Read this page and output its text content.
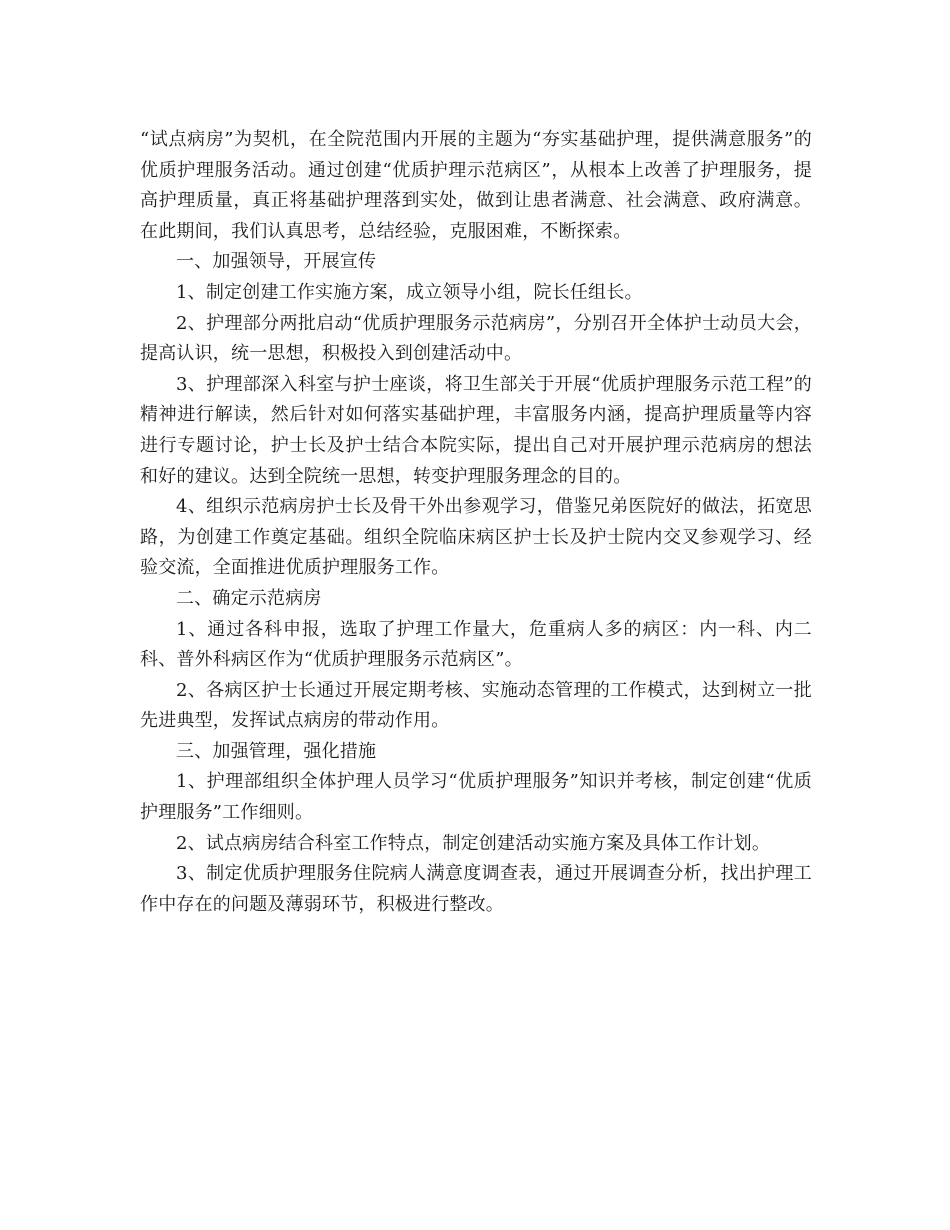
“试点病房”为契机，在全院范围内开展的主题为“夯实基础护理，提供满意服务”的优质护理服务活动。通过创建“优质护理示范病区”，从根本上改善了护理服务，提高护理质量，真正将基础护理落到实处，做到让患者满意、社会满意、政府满意。在此期间，我们认真思考，总结经验，克服困难，不断探索。

一、加强领导，开展宣传

1、制定创建工作实施方案，成立领导小组，院长任组长。

2、护理部分两批启动“优质护理服务示范病房”，分别召开全体护士动员大会，提高认识，统一思想，积极投入到创建活动中。

3、护理部深入科室与护士座谈，将卫生部关于开展“优质护理服务示范工程”的精神进行解读，然后针对如何落实基础护理，丰富服务内涵，提高护理质量等内容进行专题讨论，护士长及护士结合本院实际，提出自己对开展护理示范病房的想法和好的建议。达到全院统一思想，转变护理服务理念的目的。

4、组织示范病房护士长及骨干外出参观学习，借鉴兄弟医院好的做法，拓宽思路，为创建工作奠定基础。组织全院临床病区护士长及护士院内交叉参观学习、经验交流，全面推进优质护理服务工作。

二、确定示范病房

1、通过各科申报，选取了护理工作量大，危重病人多的病区：内一科、内二科、普外科病区作为“优质护理服务示范病区”。

2、各病区护士长通过开展定期考核、实施动态管理的工作模式，达到树立一批先进典型，发挥试点病房的带动作用。

三、加强管理，强化措施

1、护理部组织全体护理人员学习“优质护理服务”知识并考核，制定创建“优质护理服务”工作细则。

2、试点病房结合科室工作特点，制定创建活动实施方案及具体工作计划。

3、制定优质护理服务住院病人满意度调查表，通过开展调查分析，找出护理工作中存在的问题及薄弱环节，积极进行整改。
